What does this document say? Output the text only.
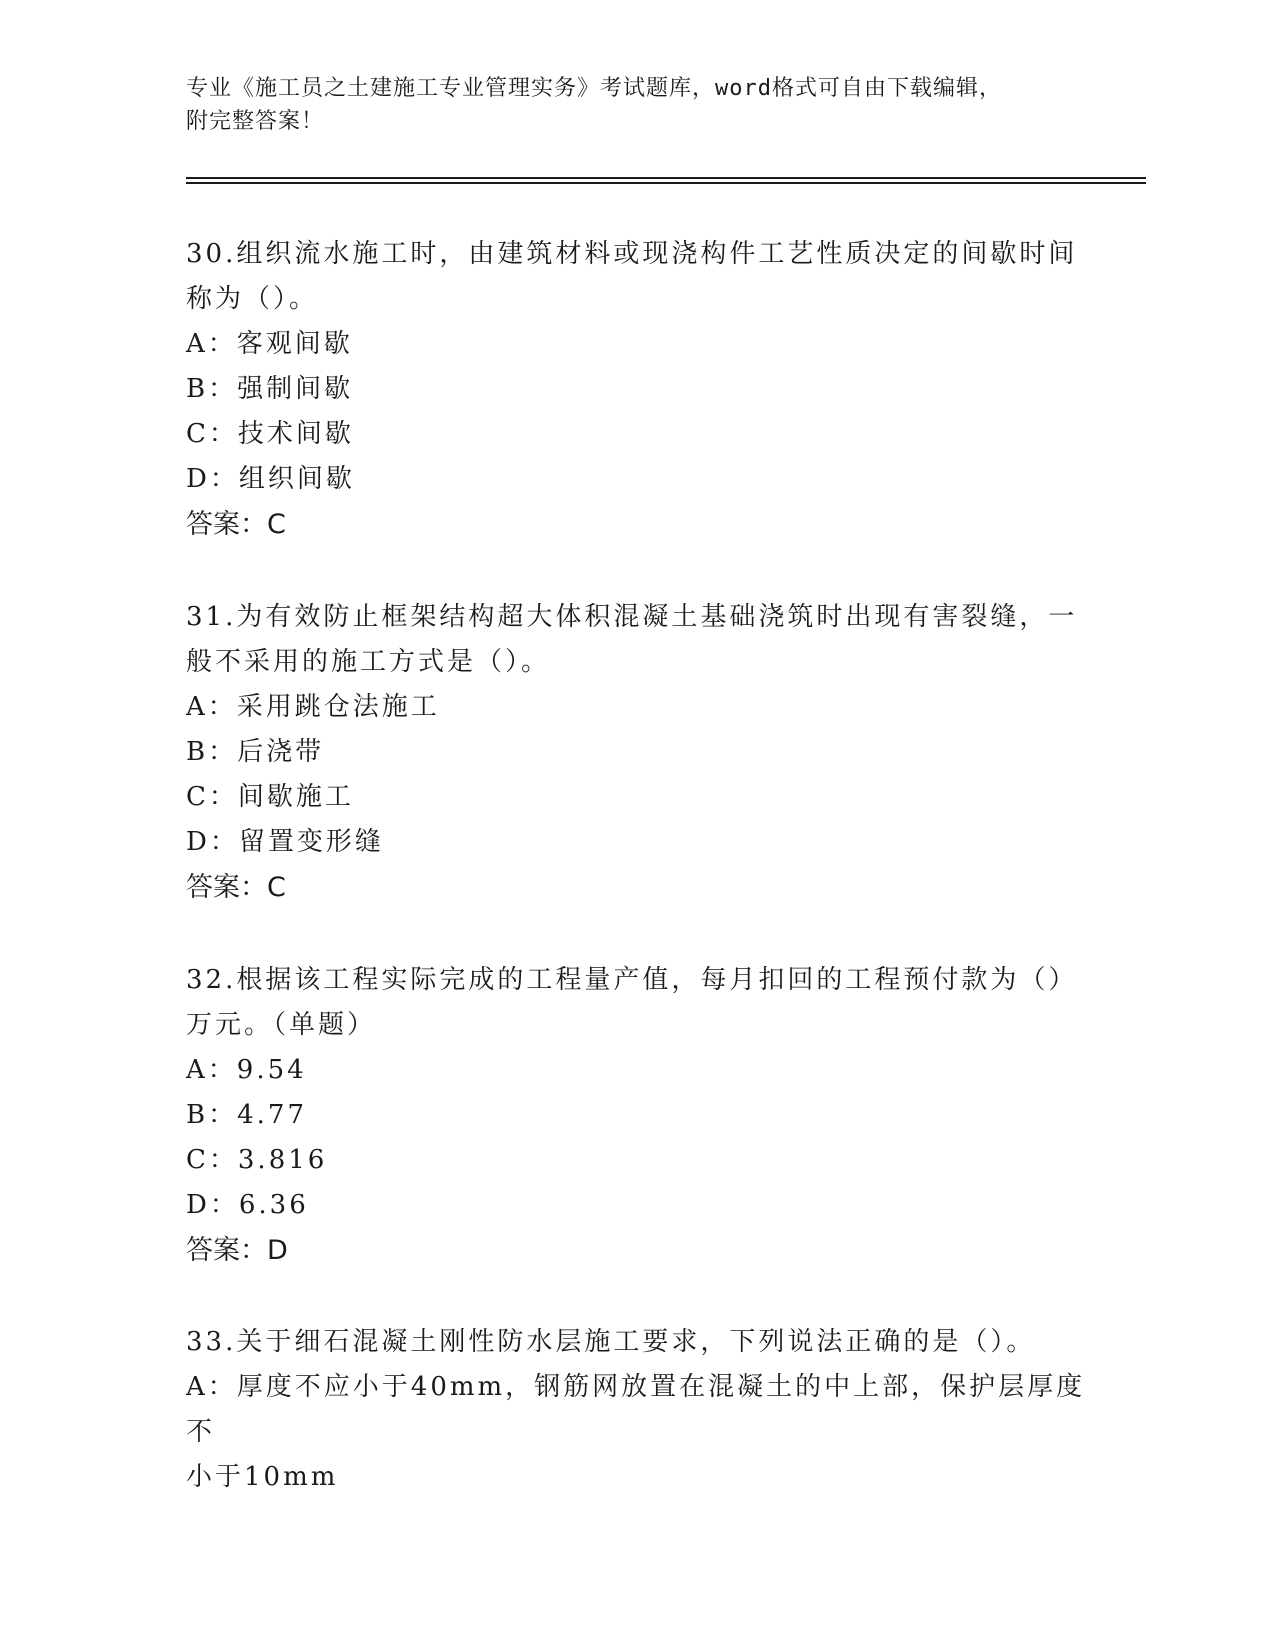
专业《施工员之土建施工专业管理实务》考试题库，word格式可自由下载编辑，
附完整答案！

30.组织流水施工时，由建筑材料或现浇构件工艺性质决定的间歇时间

称为（）。

A：客观间歇

B：强制间歇

C：技术间歇

D：组织间歇

答案：C

31.为有效防止框架结构超大体积混凝土基础浇筑时出现有害裂缝，一

般不采用的施工方式是（）。

A：采用跳仓法施工

B：后浇带

C：间歇施工

D：留置变形缝

答案：C

32.根据该工程实际完成的工程量产值，每月扣回的工程预付款为（）

万元。（单题）

A：9.54

B：4.77

C：3.816

D：6.36

答案：D

33.关于细石混凝土刚性防水层施工要求，下列说法正确的是（）。

A：厚度不应小于40mm，钢筋网放置在混凝土的中上部，保护层厚度不

小于10mm
